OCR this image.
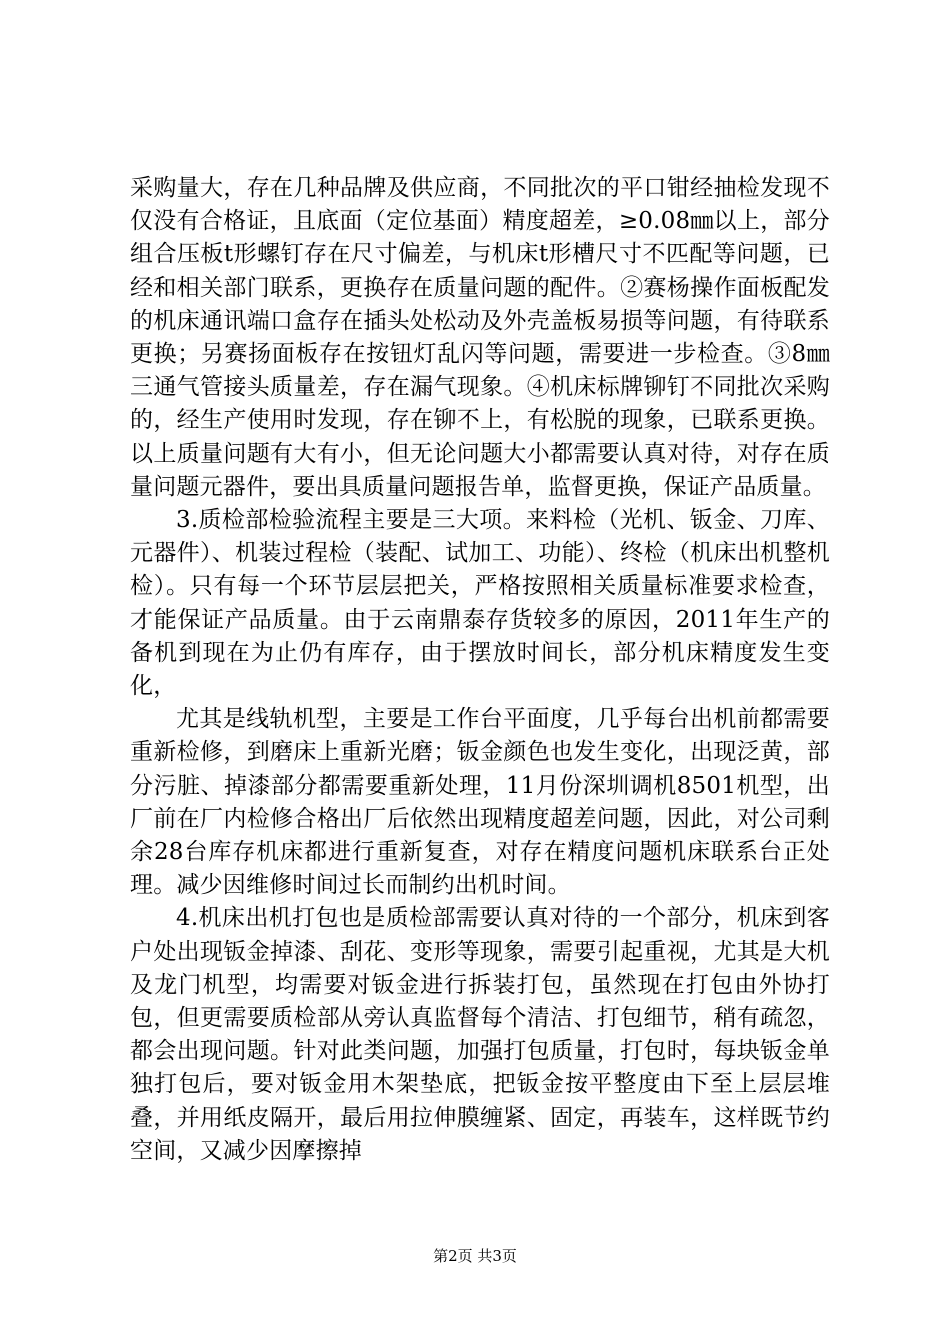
采购量大，存在几种品牌及供应商，不同批次的平口钳经抽检发现不仅没有合格证，且底面（定位基面）精度超差，≥0.08㎜以上，部分组合压板t形螺钉存在尺寸偏差，与机床t形槽尺寸不匹配等问题，已经和相关部门联系，更换存在质量问题的配件。②赛杨操作面板配发的机床通讯端口盒存在插头处松动及外壳盖板易损等问题，有待联系更换；另赛扬面板存在按钮灯乱闪等问题，需要进一步检查。③8㎜三通气管接头质量差，存在漏气现象。④机床标牌铆钉不同批次采购的，经生产使用时发现，存在铆不上，有松脱的现象，已联系更换。以上质量问题有大有小，但无论问题大小都需要认真对待，对存在质量问题元器件，要出具质量问题报告单，监督更换，保证产品质量。

3.质检部检验流程主要是三大项。来料检（光机、钣金、刀库、元器件）、机装过程检（装配、试加工、功能）、终检（机床出机整机检）。只有每一个环节层层把关，严格按照相关质量标准要求检查，才能保证产品质量。由于云南鼎泰存货较多的原因，2011年生产的备机到现在为止仍有库存，由于摆放时间长，部分机床精度发生变化，

尤其是线轨机型，主要是工作台平面度，几乎每台出机前都需要重新检修，到磨床上重新光磨；钣金颜色也发生变化，出现泛黄，部分污脏、掉漆部分都需要重新处理，11月份深圳调机8501机型，出厂前在厂内检修合格出厂后依然出现精度超差问题，因此，对公司剩余28台库存机床都进行重新复查，对存在精度问题机床联系台正处理。减少因维修时间过长而制约出机时间。

4.机床出机打包也是质检部需要认真对待的一个部分，机床到客户处出现钣金掉漆、刮花、变形等现象，需要引起重视，尤其是大机及龙门机型，均需要对钣金进行拆装打包，虽然现在打包由外协打包，但更需要质检部从旁认真监督每个清洁、打包细节，稍有疏忽，都会出现问题。针对此类问题，加强打包质量，打包时，每块钣金单独打包后，要对钣金用木架垫底，把钣金按平整度由下至上层层堆叠，并用纸皮隔开，最后用拉伸膜缠紧、固定，再装车，这样既节约空间，又减少因摩擦掉

第2页 共3页
